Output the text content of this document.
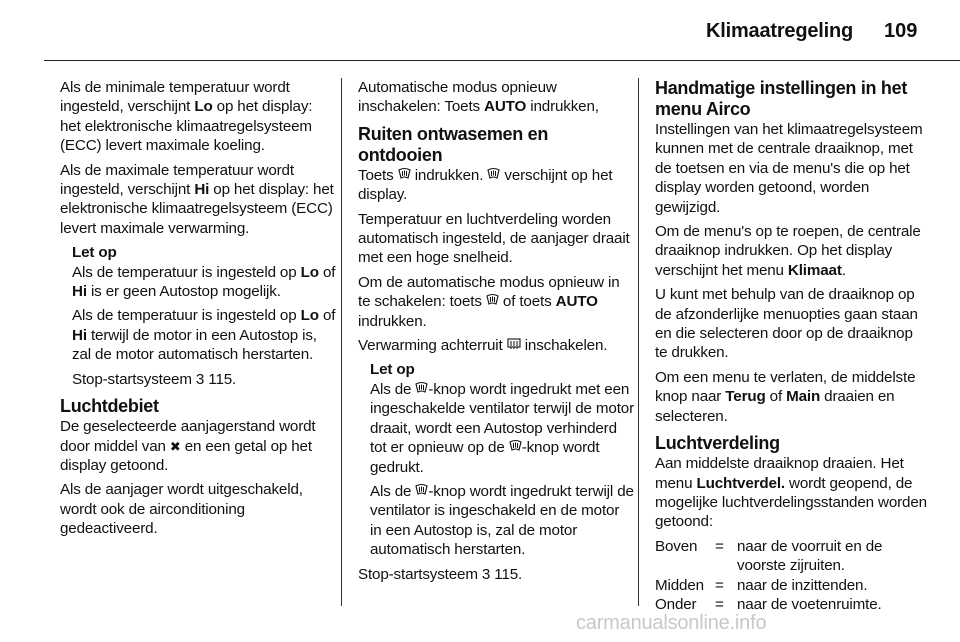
Klimaatregeling 109

Als de minimale temperatuur wordt ingesteld, verschijnt Lo op het display: het elektronische klimaatregelsysteem (ECC) levert maximale koeling.

Als de maximale temperatuur wordt ingesteld, verschijnt Hi op het display: het elektronische klimaatregelsysteem (ECC) levert maximale verwarming.

Let op

Als de temperatuur is ingesteld op Lo of Hi is er geen Autostop mogelijk.

Als de temperatuur is ingesteld op Lo of Hi terwijl de motor in een Autostop is, zal de motor automatisch herstarten.

Stop-startsysteem 3 115.

Luchtdebiet

De geselecteerde aanjagerstand wordt door middel van ✖ en een getal op het display getoond.

Als de aanjager wordt uitgeschakeld, wordt ook de airconditioning gedeactiveerd.

Automatische modus opnieuw inschakelen: Toets AUTO indrukken,

Ruiten ontwasemen en ontdooien

Toets  indrukken.  verschijnt op het display.

Temperatuur en luchtverdeling worden automatisch ingesteld, de aanjager draait met een hoge snelheid.

Om de automatische modus opnieuw in te schakelen: toets  of toets AUTO indrukken.

Verwarming achterruit  inschakelen.

Let op

Als de -knop wordt ingedrukt met een ingeschakelde ventilator terwijl de motor draait, wordt een Autostop verhinderd tot er opnieuw op de -knop wordt gedrukt.

Als de -knop wordt ingedrukt terwijl de ventilator is ingeschakeld en de motor in een Autostop is, zal de motor automatisch herstarten.

Stop-startsysteem 3 115.

Handmatige instellingen in het menu Airco

Instellingen van het klimaatregelsysteem kunnen met de centrale draaiknop, met de toetsen en via de menu's die op het display worden getoond, worden gewijzigd.

Om de menu's op te roepen, de centrale draaiknop indrukken. Op het display verschijnt het menu Klimaat.

U kunt met behulp van de draaiknop op de afzonderlijke menuopties gaan staan en die selecteren door op de draaiknop te drukken.

Om een menu te verlaten, de middelste knop naar Terug of Main draaien en selecteren.

Luchtverdeling

Aan middelste draaiknop draaien. Het menu Luchtverdel. wordt geopend, de mogelijke luchtverdelingsstanden worden getoond:

Boven	= naar de voorruit en de voorste zijruiten.
Midden = naar de inzittenden.
Onder	= naar de voetenruimte.
carmanualsonline.info
